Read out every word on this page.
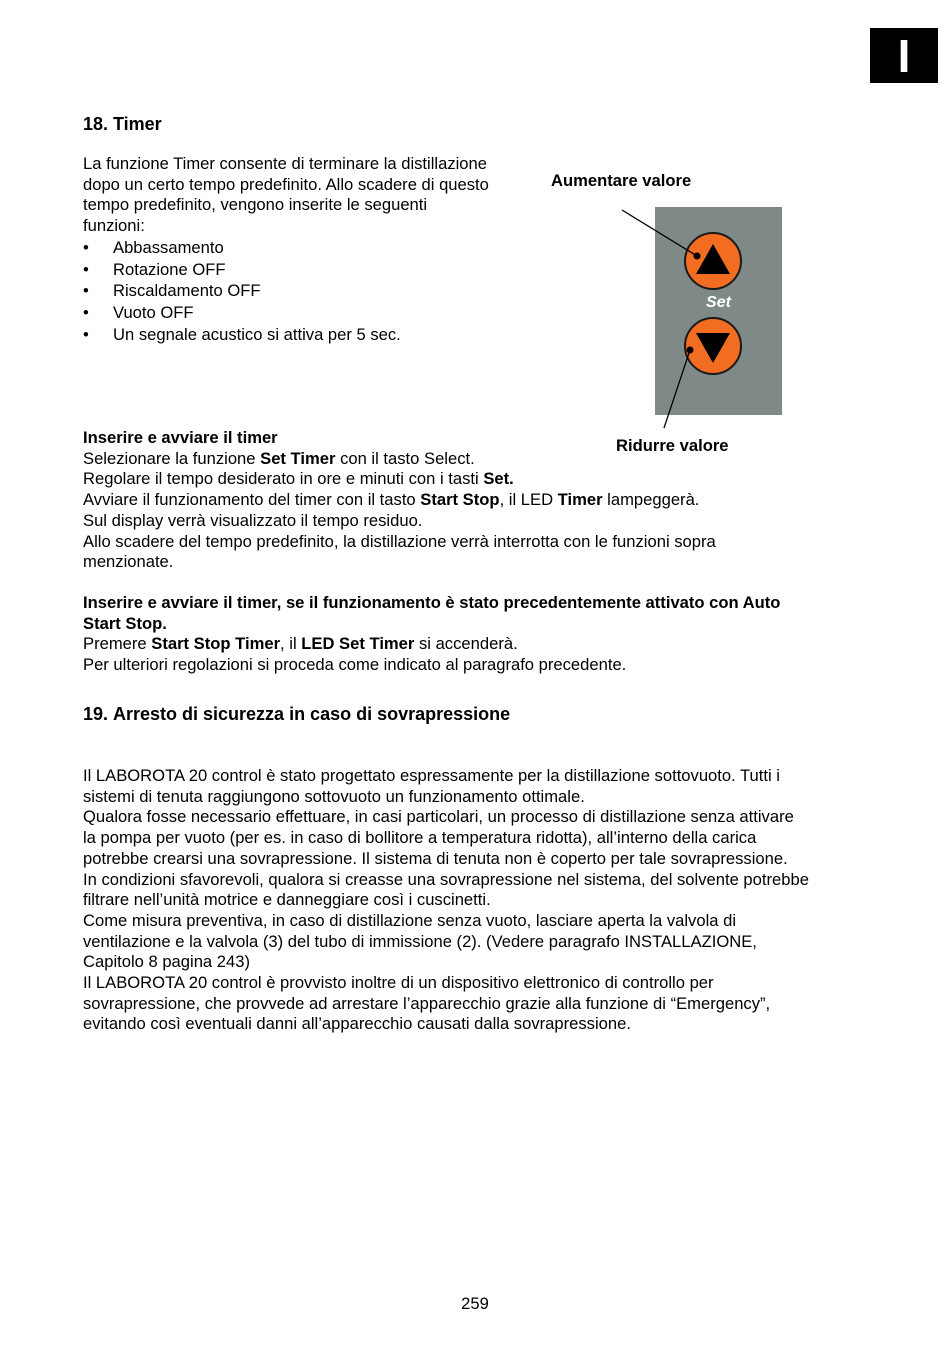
I
18. Timer

La funzione Timer consente di terminare la distillazione
dopo un certo tempo predefinito. Allo scadere di questo
tempo predefinito, vengono inserite le seguenti
funzioni:

• Abbassamento
• Rotazione OFF
• Riscaldamento OFF
• Vuoto OFF
• Un segnale acustico si attiva per 5 sec.
Aumentare valore
Ridurre valore
Set

Inserire e avviare il timer
Selezionare la funzione Set Timer con il tasto Select.
Regolare il tempo desiderato in ore e minuti con i tasti Set.
Avviare il funzionamento del timer con il tasto Start Stop, il LED Timer lampeggerà.
Sul display verrà visualizzato il tempo residuo.
Allo scadere del tempo predefinito, la distillazione verrà interrotta con le funzioni sopra
menzionate.

Inserire e avviare il timer, se il funzionamento è stato precedentemente attivato con Auto
Start Stop.
Premere Start Stop Timer, il LED Set Timer si accenderà.
Per ulteriori regolazioni si proceda come indicato al paragrafo precedente.

19. Arresto di sicurezza in caso di sovrapressione

Il LABOROTA 20 control è stato progettato espressamente per la distillazione sottovuoto. Tutti i
sistemi di tenuta raggiungono sottovuoto un funzionamento ottimale.
Qualora fosse necessario effettuare, in casi particolari, un processo di distillazione senza attivare
la pompa per vuoto (per es. in caso di bollitore a temperatura ridotta), all’interno della carica
potrebbe crearsi una sovrapressione. Il sistema di tenuta non è coperto per tale sovrapressione.
In condizioni sfavorevoli, qualora si creasse una sovrapressione nel sistema, del solvente potrebbe
filtrare nell’unità motrice e danneggiare così i cuscinetti.
Come misura preventiva, in caso di distillazione senza vuoto, lasciare aperta la valvola di
ventilazione e la valvola (3) del tubo di immissione (2). (Vedere paragrafo INSTALLAZIONE,
Capitolo 8 pagina 243)
Il LABOROTA 20 control è provvisto inoltre di un dispositivo elettronico di controllo per
sovrapressione, che provvede ad arrestare l’apparecchio grazie alla funzione di “Emergency”,
evitando così eventuali danni all’apparecchio causati dalla sovrapressione.

259
